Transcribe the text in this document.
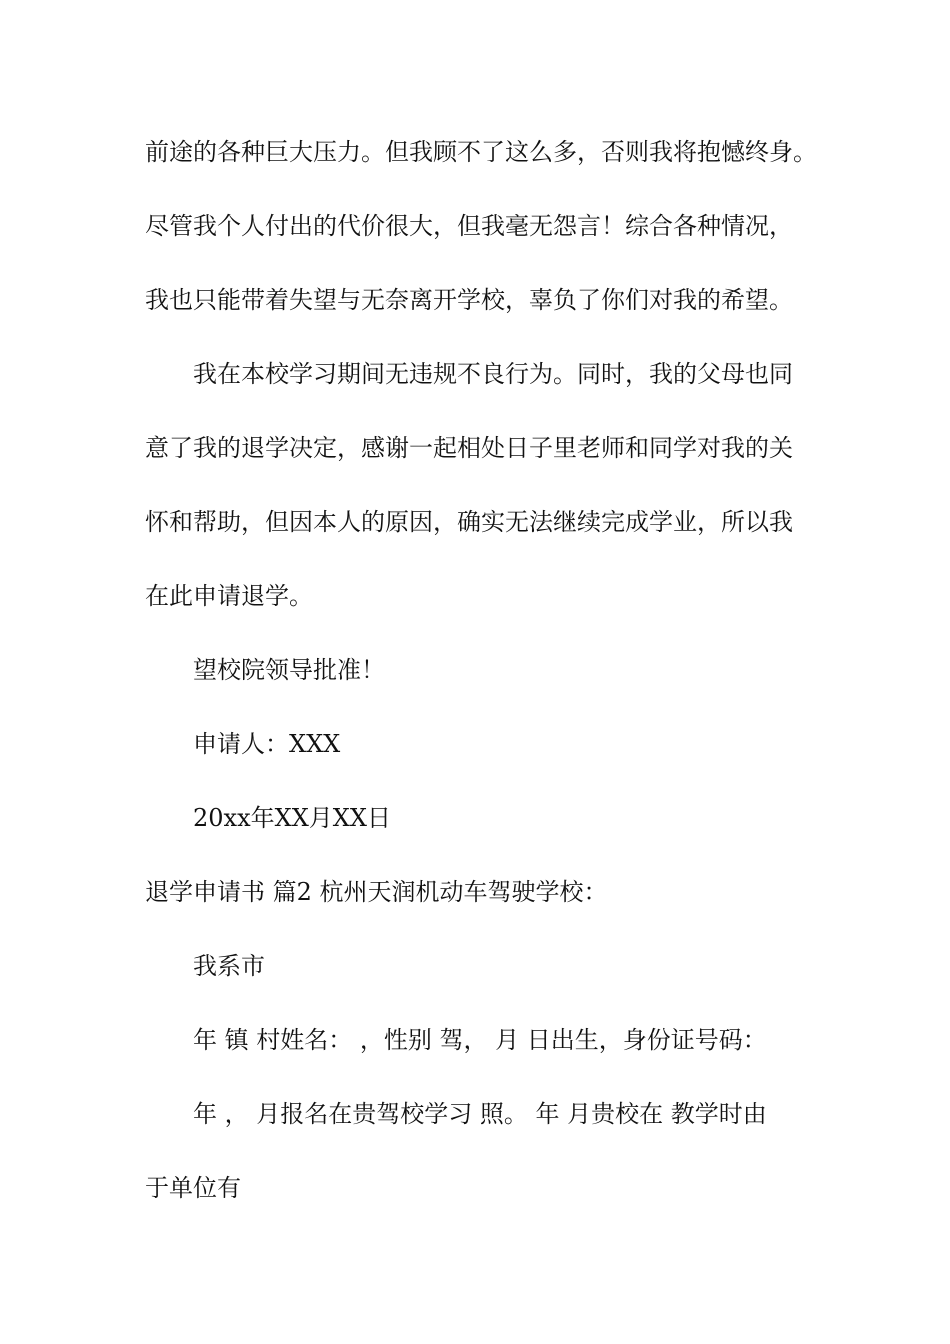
前途的各种巨大压力。但我顾不了这么多，否则我将抱憾终身。
尽管我个人付出的代价很大，但我毫无怨言！综合各种情况，
我也只能带着失望与无奈离开学校，辜负了你们对我的希望。
我在本校学习期间无违规不良行为。同时，我的父母也同
意了我的退学决定，感谢一起相处日子里老师和同学对我的关
怀和帮助，但因本人的原因，确实无法继续完成学业，所以我
在此申请退学。
望校院领导批准！
申请人：XXX
20xx年XX月XX日
退学申请书 篇2 杭州天润机动车驾驶学校：
我系市
年 镇 村姓名： ，性别 驾， 月 日出生，身份证号码：
年 ， 月报名在贵驾校学习 照。 年 月贵校在 教学时由
于单位有
